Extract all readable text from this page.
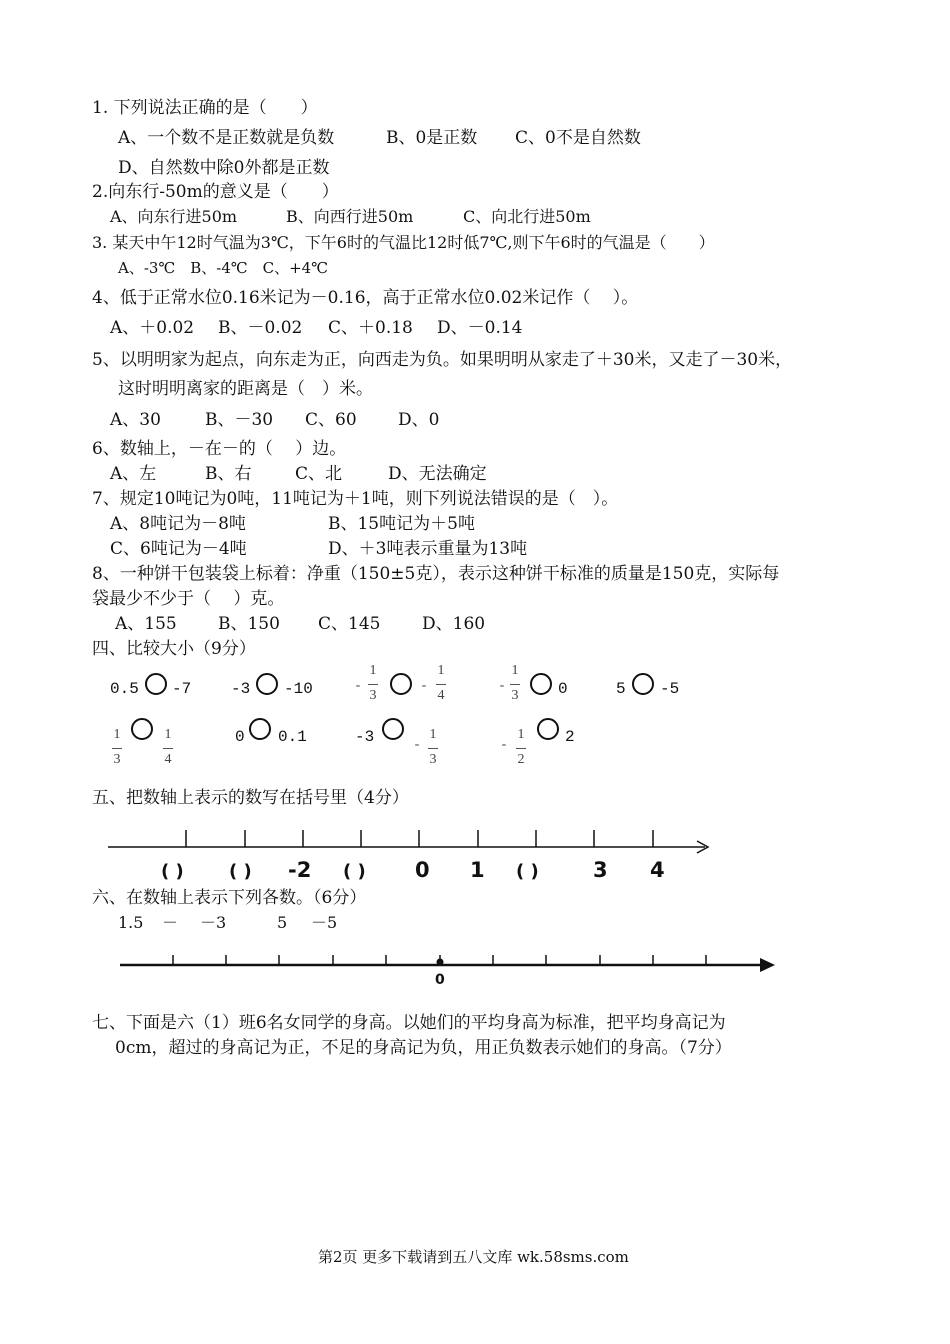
1. 下列说法正确的是（　　）
A、一个数不是正数就是负数	B、0是正数 C、0不是自然数
D、自然数中除0外都是正数
2.向东行-50m的意义是（　　）
A、向东行进50m	B、向西行进50m	C、向北行进50m
3. 某天中午12时气温为3℃，下午6时的气温比12时低7℃,则下午6时的气温是（　　）
A、-3℃　B、-4℃　C、+4℃
4、低于正常水位0.16米记为－0.16，高于正常水位0.02米记作（　 ）。
A、＋0.02 B、－0.02 C、＋0.18 D、－0.14
5、以明明家为起点，向东走为正，向西走为负。如果明明从家走了＋30米，又走了－30米，
这时明明离家的距离是（　）米。
A、30	B、－30 C、60 D、0
6、数轴上，－在－的（　 ）边。
A、左	B、右	C、北	D、无法确定
7、规定10吨记为0吨，11吨记为＋1吨，则下列说法错误的是（　）。
A、8吨记为－8吨	B、15吨记为＋5吨
C、6吨记为－4吨	D、＋3吨表示重量为13吨
8、一种饼干包装袋上标着：净重（150±5克），表示这种饼干标准的质量是150克，实际每
袋最少不少于（　 ）克。
A、155 B、150 C、145 D、160
四、比较大小（9分）
0.5 -7 -3 -10	-
1
3
-
1
4
-
1
3 0	5 -5
1
3
1
4
0 0.1	-3	-
1
3
-
1
2
2
五、把数轴上表示的数写在括号里（4分）
( )	( ) -2 ( ) 0 1 ( )	3 4
六、在数轴上表示下列各数。（6分）
1.5 － －3	5 －5
0
七、下面是六（1）班6名女同学的身高。以她们的平均身高为标准，把平均身高记为
0cm，超过的身高记为正，不足的身高记为负，用正负数表示她们的身高。（7分）
第2页 更多下载请到五八文库 wk.58sms.com
